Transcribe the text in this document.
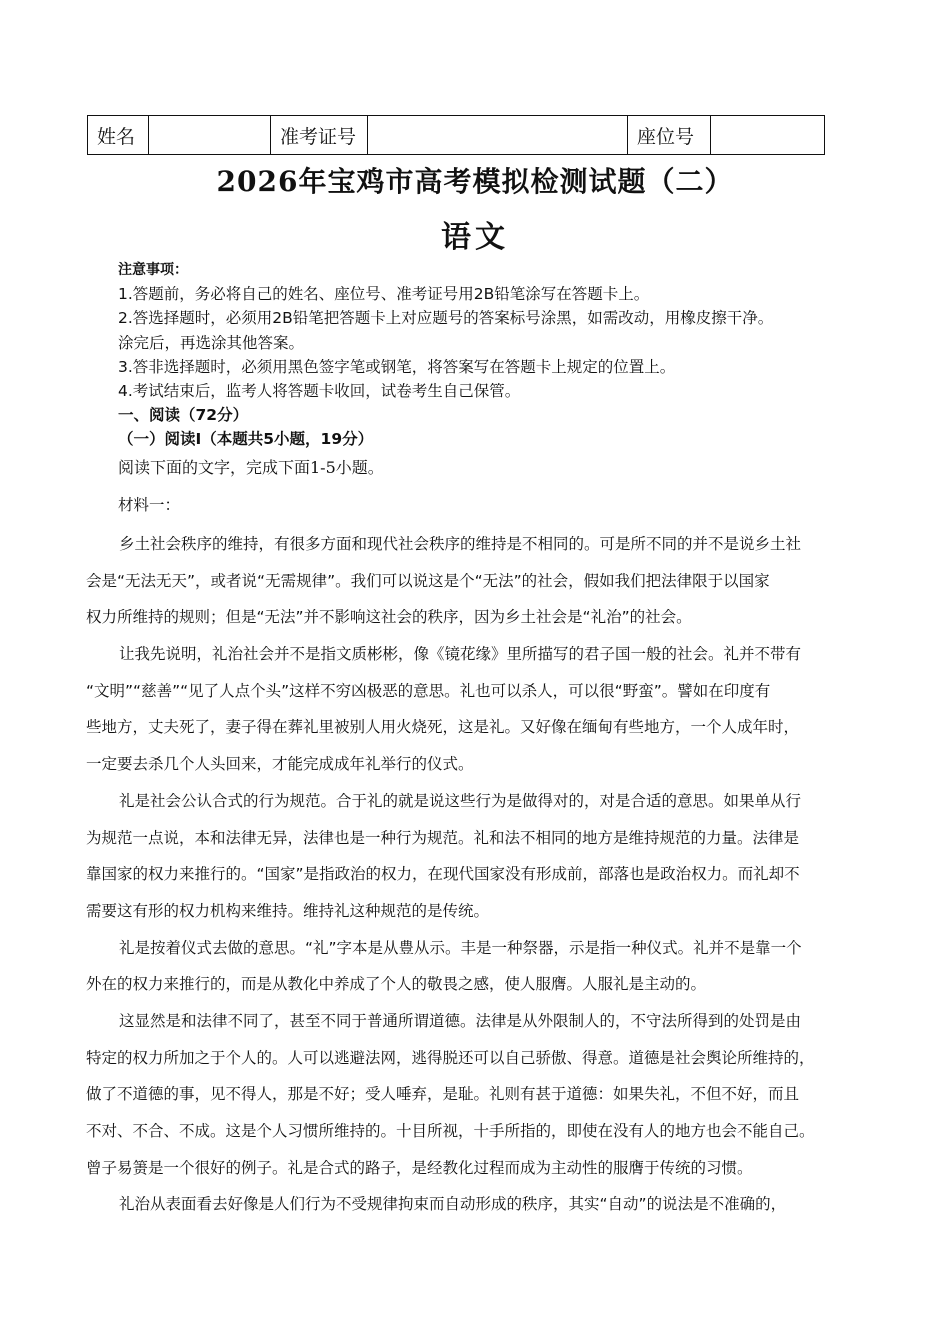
姓名		准考证号		座位号	
2026年宝鸡市高考模拟检测试题（二）
语文
注意事项：
1.答题前，务必将自己的姓名、座位号、准考证号用2B铅笔涂写在答题卡上。
2.答选择题时，必须用2B铅笔把答题卡上对应题号的答案标号涂黑，如需改动，用橡皮擦干净。
涂完后，再选涂其他答案。
3.答非选择题时，必须用黑色签字笔或钢笔，将答案写在答题卡上规定的位置上。
4.考试结束后，监考人将答题卡收回，试卷考生自己保管。
一、阅读（72分）
（一）阅读Ⅰ（本题共5小题，19分）
阅读下面的文字，完成下面1-5小题。
材料一：
乡土社会秩序的维持，有很多方面和现代社会秩序的维持是不相同的。可是所不同的并不是说乡土社
会是“无法无天”，或者说“无需规律”。我们可以说这是个“无法”的社会，假如我们把法律限于以国家
权力所维持的规则；但是“无法”并不影响这社会的秩序，因为乡土社会是“礼治”的社会。
让我先说明，礼治社会并不是指文质彬彬，像《镜花缘》里所描写的君子国一般的社会。礼并不带有
“文明”“慈善”“见了人点个头”这样不穷凶极恶的意思。礼也可以杀人，可以很“野蛮”。譬如在印度有
些地方，丈夫死了，妻子得在葬礼里被别人用火烧死，这是礼。又好像在缅甸有些地方，一个人成年时，
一定要去杀几个人头回来，才能完成成年礼举行的仪式。
礼是社会公认合式的行为规范。合于礼的就是说这些行为是做得对的，对是合适的意思。如果单从行
为规范一点说，本和法律无异，法律也是一种行为规范。礼和法不相同的地方是维持规范的力量。法律是
靠国家的权力来推行的。“国家”是指政治的权力，在现代国家没有形成前，部落也是政治权力。而礼却不
需要这有形的权力机构来维持。维持礼这种规范的是传统。
礼是按着仪式去做的意思。“礼”字本是从豊从示。丰是一种祭器，示是指一种仪式。礼并不是靠一个
外在的权力来推行的，而是从教化中养成了个人的敬畏之感，使人服膺。人服礼是主动的。
这显然是和法律不同了，甚至不同于普通所谓道德。法律是从外限制人的，不守法所得到的处罚是由
特定的权力所加之于个人的。人可以逃避法网，逃得脱还可以自己骄傲、得意。道德是社会舆论所维持的，
做了不道德的事，见不得人，那是不好；受人唾弃，是耻。礼则有甚于道德：如果失礼，不但不好，而且
不对、不合、不成。这是个人习惯所维持的。十目所视，十手所指的，即使在没有人的地方也会不能自己。
曾子易箦是一个很好的例子。礼是合式的路子，是经教化过程而成为主动性的服膺于传统的习惯。
礼治从表面看去好像是人们行为不受规律拘束而自动形成的秩序，其实“自动”的说法是不准确的，
